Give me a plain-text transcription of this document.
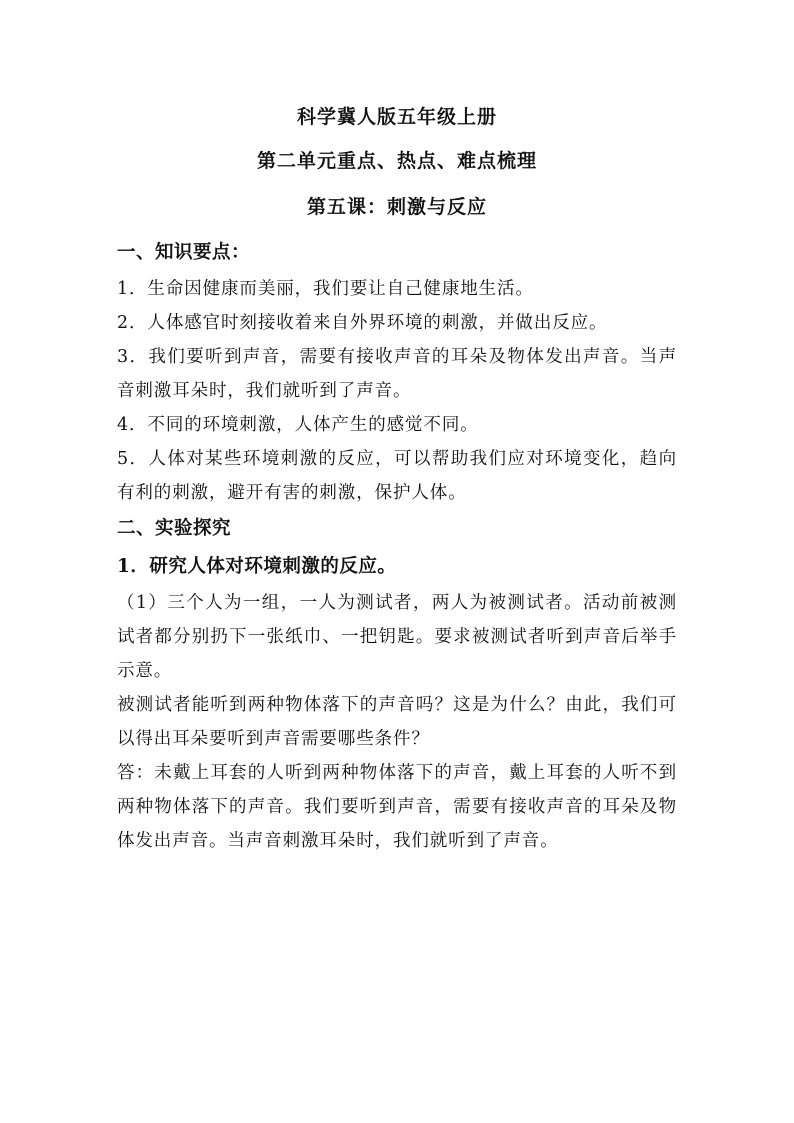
科学冀人版五年级上册

第二单元重点、热点、难点梳理

第五课：刺激与反应

一、知识要点：

1．生命因健康而美丽，我们要让自己健康地生活。

2．人体感官时刻接收着来自外界环境的刺激，并做出反应。

3．我们要听到声音，需要有接收声音的耳朵及物体发出声音。当声音刺激耳朵时，我们就听到了声音。

4．不同的环境刺激，人体产生的感觉不同。

5．人体对某些环境刺激的反应，可以帮助我们应对环境变化，趋向有利的刺激，避开有害的刺激，保护人体。

二、实验探究

1．研究人体对环境刺激的反应。

（1）三个人为一组，一人为测试者，两人为被测试者。活动前被测试者都分别扔下一张纸巾、一把钥匙。要求被测试者听到声音后举手示意。

被测试者能听到两种物体落下的声音吗？这是为什么？由此，我们可以得出耳朵要听到声音需要哪些条件？

答：未戴上耳套的人听到两种物体落下的声音，戴上耳套的人听不到两种物体落下的声音。我们要听到声音，需要有接收声音的耳朵及物体发出声音。当声音刺激耳朵时，我们就听到了声音。
